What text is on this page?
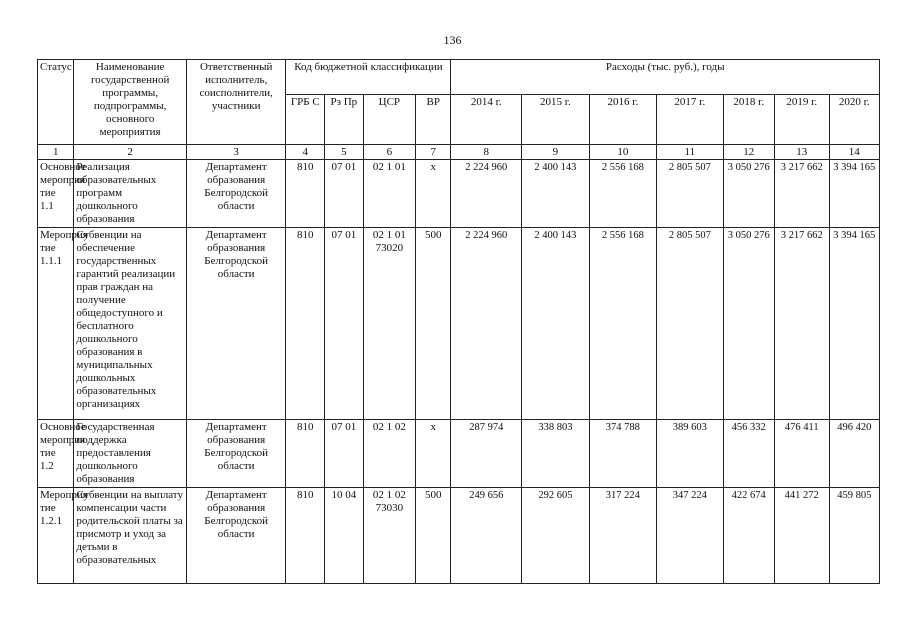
136
Статус	Наименование государственной программы, подпрограммы, основного мероприятия	Ответственный исполнитель, соисполнители, участники	Код бюджетной классификации				Расходы (тыс. руб.), годы						
			ГРБ С	Рз Пр	ЦСР	ВР	2014 г.	2015 г.	2016 г.	2017 г.	2018 г.	2019 г.	2020 г.
1	2	3	4	5	6	7	8	9	10	11	12	13	14
Основное мероприя тие 1.1	Реализация образовательных программ дошкольного образования	Департамент образования Белгородской области	810	07 01	02 1 01	х	2 224 960	2 400 143	2 556 168	2 805 507	3 050 276	3 217 662	3 394 165
Мероприя тие 1.1.1	Субвенции на обеспечение государственных гарантий реализации прав граждан на получение общедоступного и бесплатного дошкольного образования в муниципальных дошкольных образовательных организациях	Департамент образования Белгородской области	810	07 01	02 1 01 73020	500	2 224 960	2 400 143	2 556 168	2 805 507	3 050 276	3 217 662	3 394 165
Основное мероприя тие 1.2	Государственная поддержка предоставления дошкольного образования	Департамент образования Белгородской области	810	07 01	02 1 02	х	287 974	338 803	374 788	389 603	456 332	476 411	496 420
Мероприя тие 1.2.1	Субвенции на выплату компенсации части родительской платы за присмотр и уход за детьми в образовательных	Департамент образования Белгородской области	810	10 04	02 1 02 73030	500	249 656	292 605	317 224	347 224	422 674	441 272	459 805
